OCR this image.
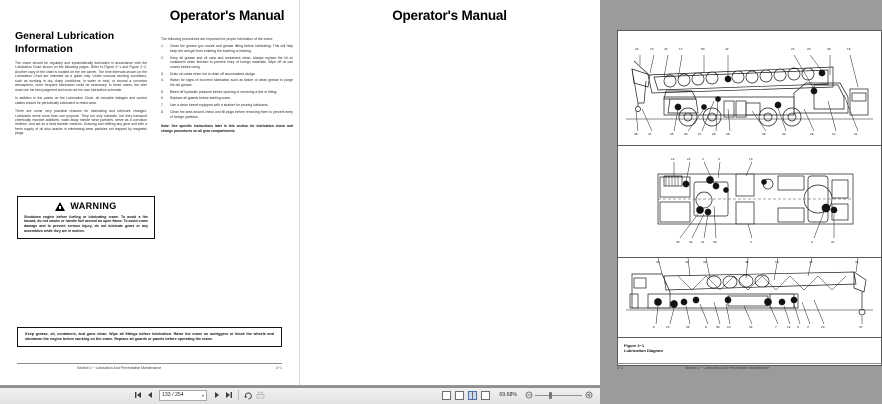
Operator's Manual
General Lubrication Information

The crane should be regularly and systematically lubricated in accordance with the Lubrication Chart shown on the following pages. Refer to Figure 2−1 and Figure 2−2. Another copy of the chart is located on the the carrier. The time intervals shown on the Lubrication Chart are intended as a guide only. Under unusual working conditions, such as working in dry, dusty conditions, in water or mud, or around a corrosive atmosphere, more frequent lubrication could be necessary. In these cases, the oiler must use his best judgment and work out his own lubrication schedule.

In addition to the points on the Lubrication Chart, all movable linkages and control cables should be periodically lubricated to resist wear.

There are some very practical reasons for lubricating and lubricant changes. Lubricants serve more than one purpose. They not only lubricate, but they transport chemically reactive additives, wash away minute wear particles, serve as a corrosion inhibitor, and act as a heat transfer medium. Draining and refilling any gear unit with a fresh supply of oil also assists in eliminating wear particles not trapped by magnetic plugs.

WARNING
Shutdown engine before fueling or lubricating crane. To avoid a fire hazard, do not smoke or handle fuel around an open flame. To avoid crane damage and to prevent serious injury, do not lubricate gears or any assemblies while they are in motion.
The following procedures are important for proper lubrication of the crane:
1.	Clean the grease gun nozzle and grease fitting before lubricating. This will help keep dirt and grit from entering the bushing or bearing.
2.	Keep all grease and oil cans and containers clean. Always replace the lid on containers when finished to prevent entry of foreign materials. Wipe off oil can covers before using.
3.	Drain oil cases when hot to drain off accumulated sludge.
4.	Watch for signs of incorrect lubrication such as failure of clean grease to purge the old grease.
5.	Bleed off hydraulic pressure before opening or removing a line or fitting.
6.	Replace all guards before starting crane.
7.	Use a clean funnel equipped with a strainer for pouring lubricants.
8.	Clean the area around check and fill plugs before removing them to prevent entry of foreign particles.
Note: See specific instructions later in this section for lubrication check and change procedures on all gear compartments.
Keep grease, oil, containers, and guns clean. Wipe all fittings before lubrication. Raise the crane on outriggers or block the wheels and shutdown the engine before working on the crane. Replace all guards or panels before operating the crane.
Section 2 − Lubrication And Preventative Maintenance	2−1
Operator's Manual
24	19	43	17	50	42	22	20	49	16
48	47	25	26	27	29	28	39	40	29	14	51
12	21	2	6	13
33	32	31	30	4	9	31
46	41	42	38	18	46	44
6	15	36	8	38 10	34	7	14 5	3	23	37
Figure 2−1
Lubrication Diagram
2−2	Section 2 − Lubrication And Preventative Maintenance
133 / 254	▾	69.68%
